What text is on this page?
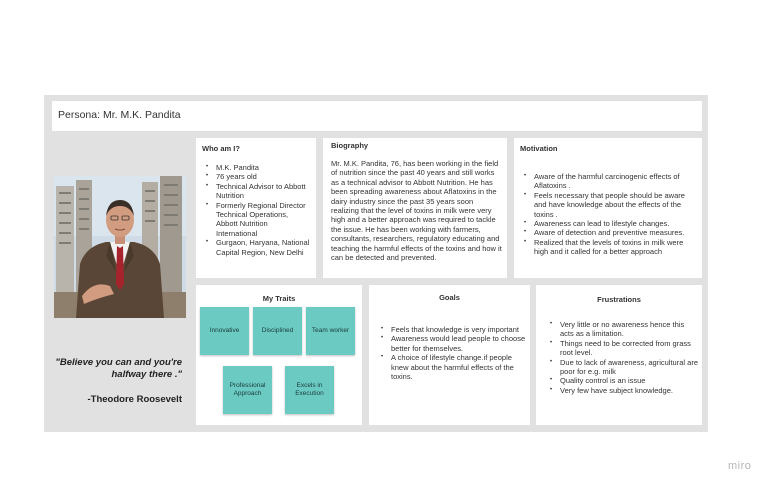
Persona: Mr. M.K. Pandita
"Believe you can and you're halfway there ."
-Theodore Roosevelt
Who am I?
• M.K. Pandita
• 76 years old
• Technical Advisor to Abbott Nutrition
• Formerly Regional Director Technical Operations, Abbott Nutrition International
• Gurgaon, Haryana, National Capital Region, New Delhi
Biography
Mr. M.K. Pandita, 76, has been working in the field of nutrition since the past 40 years and still works as a technical advisor to Abbott Nutrition. He has been spreading awareness about Aflatoxins in the dairy industry since the past 35 years soon realizing that the level of toxins in milk were very high and a better approach was required to tackle the issue. He has been working with farmers, consultants, researchers, regulatory educating and teaching the harmful effects of the toxins and how it can be detected and prevented.
Motivation
• Aware of the harmful carcinogenic effects of Aflatoxins .
• Feels necessary that people should be aware and have knowledge about the effects of the toxins .
• Awareness can lead to lifestyle changes.
• Aware of detection and preventive measures.
• Realized that the levels of toxins in milk were high and it called for a better approach
My Traits
Innovative	Disciplined	Team worker
Professional Approach
Excels in Execution
Goals
• Feels that knowledge is very important
• Awareness would lead people to choose better for themselves.
• A choice of lifestyle change.if people knew about the harmful effects of the toxins.
Frustrations
• Very little or no awareness hence this acts as a limitation.
• Things need to be corrected from grass root level.
• Due to lack of awareness, agricultural are poor for e.g. milk
• Quality control is an issue
• Very few have subject knowledge.
miro
